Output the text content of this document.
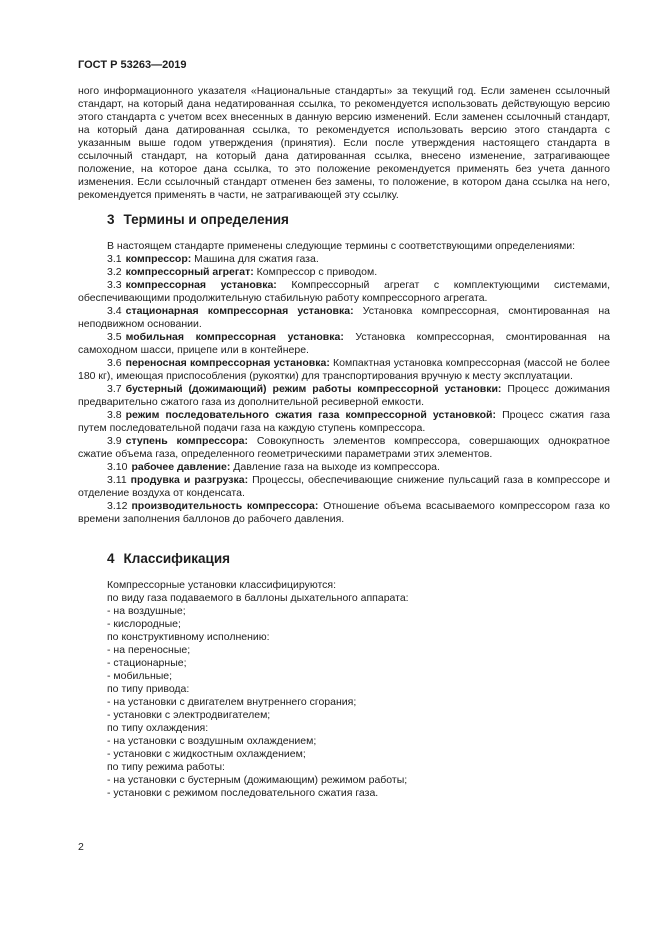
ГОСТ Р 53263—2019

ного информационного указателя «Национальные стандарты» за текущий год. Если заменен ссылочный стандарт, на который дана недатированная ссылка, то рекомендуется использовать действующую версию этого стандарта с учетом всех внесенных в данную версию изменений. Если заменен ссылочный стандарт, на который дана датированная ссылка, то рекомендуется использовать версию этого стандарта с указанным выше годом утверждения (принятия). Если после утверждения настоящего стандарта в ссылочный стандарт, на который дана датированная ссылка, внесено изменение, затрагивающее положение, на которое дана ссылка, то это положение рекомендуется применять без учета данного изменения. Если ссылочный стандарт отменен без замены, то положение, в котором дана ссылка на него, рекомендуется применять в части, не затрагивающей эту ссылку.

3 Термины и определения

В настоящем стандарте применены следующие термины с соответствующими определениями:

3.1 компрессор: Машина для сжатия газа.

3.2 компрессорный агрегат: Компрессор с приводом.

3.3 компрессорная установка: Компрессорный агрегат с комплектующими системами, обеспечивающими продолжительную стабильную работу компрессорного агрегата.

3.4 стационарная компрессорная установка: Установка компрессорная, смонтированная на неподвижном основании.

3.5 мобильная компрессорная установка: Установка компрессорная, смонтированная на самоходном шасси, прицепе или в контейнере.

3.6 переносная компрессорная установка: Компактная установка компрессорная (массой не более 180 кг), имеющая приспособления (рукоятки) для транспортирования вручную к месту эксплуатации.

3.7 бустерный (дожимающий) режим работы компрессорной установки: Процесс дожимания предварительно сжатого газа из дополнительной ресиверной емкости.

3.8 режим последовательного сжатия газа компрессорной установкой: Процесс сжатия газа путем последовательной подачи газа на каждую ступень компрессора.

3.9 ступень компрессора: Совокупность элементов компрессора, совершающих однократное сжатие объема газа, определенного геометрическими параметрами этих элементов.

3.10 рабочее давление: Давление газа на выходе из компрессора.

3.11 продувка и разгрузка: Процессы, обеспечивающие снижение пульсаций газа в компрессоре и отделение воздуха от конденсата.

3.12 производительность компрессора: Отношение объема всасываемого компрессором газа ко времени заполнения баллонов до рабочего давления.

4 Классификация

Компрессорные установки классифицируются:

по виду газа подаваемого в баллоны дыхательного аппарата:

- на воздушные;

- кислородные;

по конструктивному исполнению:

- на переносные;

- стационарные;

- мобильные;

по типу привода:

- на установки с двигателем внутреннего сгорания;

- установки с электродвигателем;

по типу охлаждения:

- на установки с воздушным охлаждением;

- установки с жидкостным охлаждением;

по типу режима работы:

- на установки с бустерным (дожимающим) режимом работы;

- установки с режимом последовательного сжатия газа.

2
